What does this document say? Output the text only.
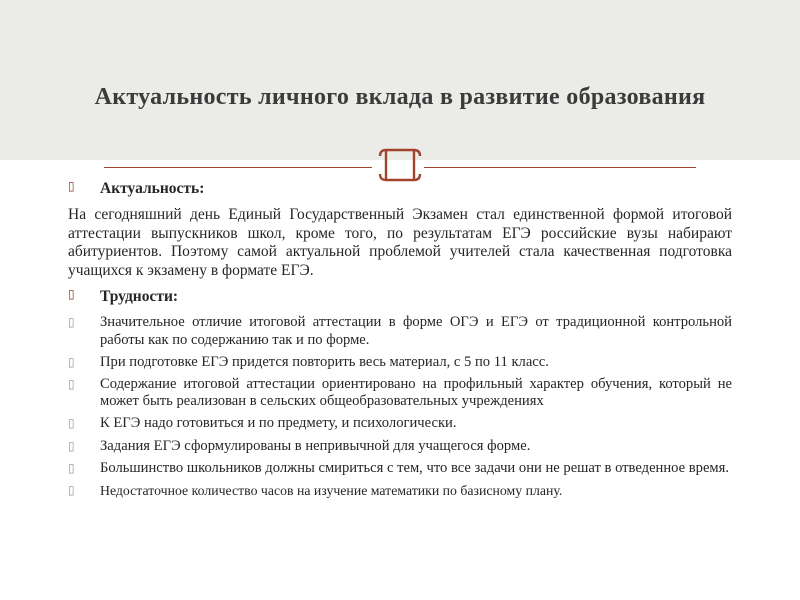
Актуальность личного вклада в развитие образования
▯	Актуальность:
На сегодняшний день Единый Государственный Экзамен стал единственной формой итоговой аттестации выпускников школ, кроме того, по результатам ЕГЭ российские вузы набирают абитуриентов. Поэтому самой актуальной проблемой учителей стала качественная подготовка учащихся к экзамену в формате ЕГЭ.
▯	Трудности:
▯	Значительное отличие итоговой аттестации в форме ОГЭ и ЕГЭ от традиционной контрольной работы как по содержанию так и по форме.
▯	При подготовке ЕГЭ придется повторить весь материал, с 5 по 11 класс.
▯	Содержание итоговой аттестации ориентировано на профильный характер обучения, который не может быть реализован в сельских общеобразовательных учреждениях
▯	К ЕГЭ надо готовиться и по предмету, и психологически.
▯	Задания ЕГЭ сформулированы в непривычной для учащегося форме.
▯	Большинство школьников должны смириться с тем, что все задачи они не решат в отведенное время.
▯	Недостаточное количество часов на изучение математики по базисному плану.
